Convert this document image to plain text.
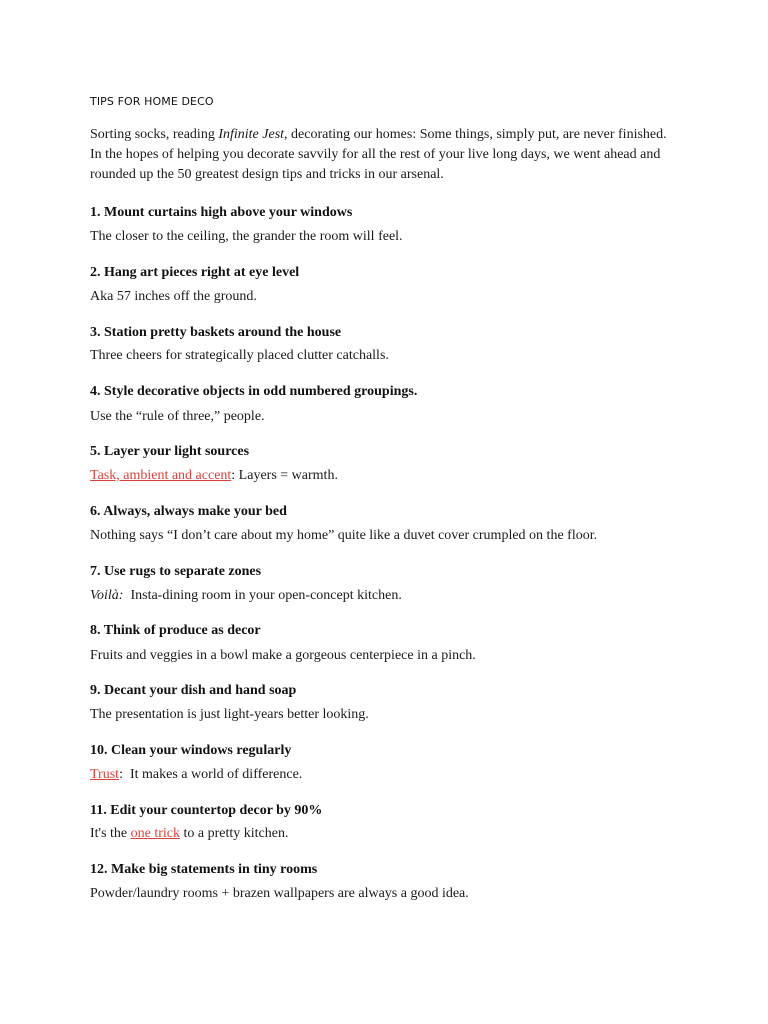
TIPS FOR HOME DECO
Sorting socks, reading Infinite Jest, decorating our homes: Some things, simply put, are never finished.
In the hopes of helping you decorate savvily for all the rest of your live long days, we went ahead and
rounded up the 50 greatest design tips and tricks in our arsenal.
1. Mount curtains high above your windows
The closer to the ceiling, the grander the room will feel.
2. Hang art pieces right at eye level
Aka 57 inches off the ground.
3. Station pretty baskets around the house
Three cheers for strategically placed clutter catchalls.
4. Style decorative objects in odd numbered groupings.
Use the “rule of three,” people.
5. Layer your light sources
Task, ambient and accent: Layers = warmth.
6. Always, always make your bed
Nothing says “I don’t care about my home” quite like a duvet cover crumpled on the floor.
7. Use rugs to separate zones
Voilà:  Insta-dining room in your open-concept kitchen.
8. Think of produce as decor
Fruits and veggies in a bowl make a gorgeous centerpiece in a pinch.
9. Decant your dish and hand soap
The presentation is just light-years better looking.
10. Clean your windows regularly
Trust:  It makes a world of difference.
11. Edit your countertop decor by 90%
It's the one trick to a pretty kitchen.
12. Make big statements in tiny rooms
Powder/laundry rooms + brazen wallpapers are always a good idea.
